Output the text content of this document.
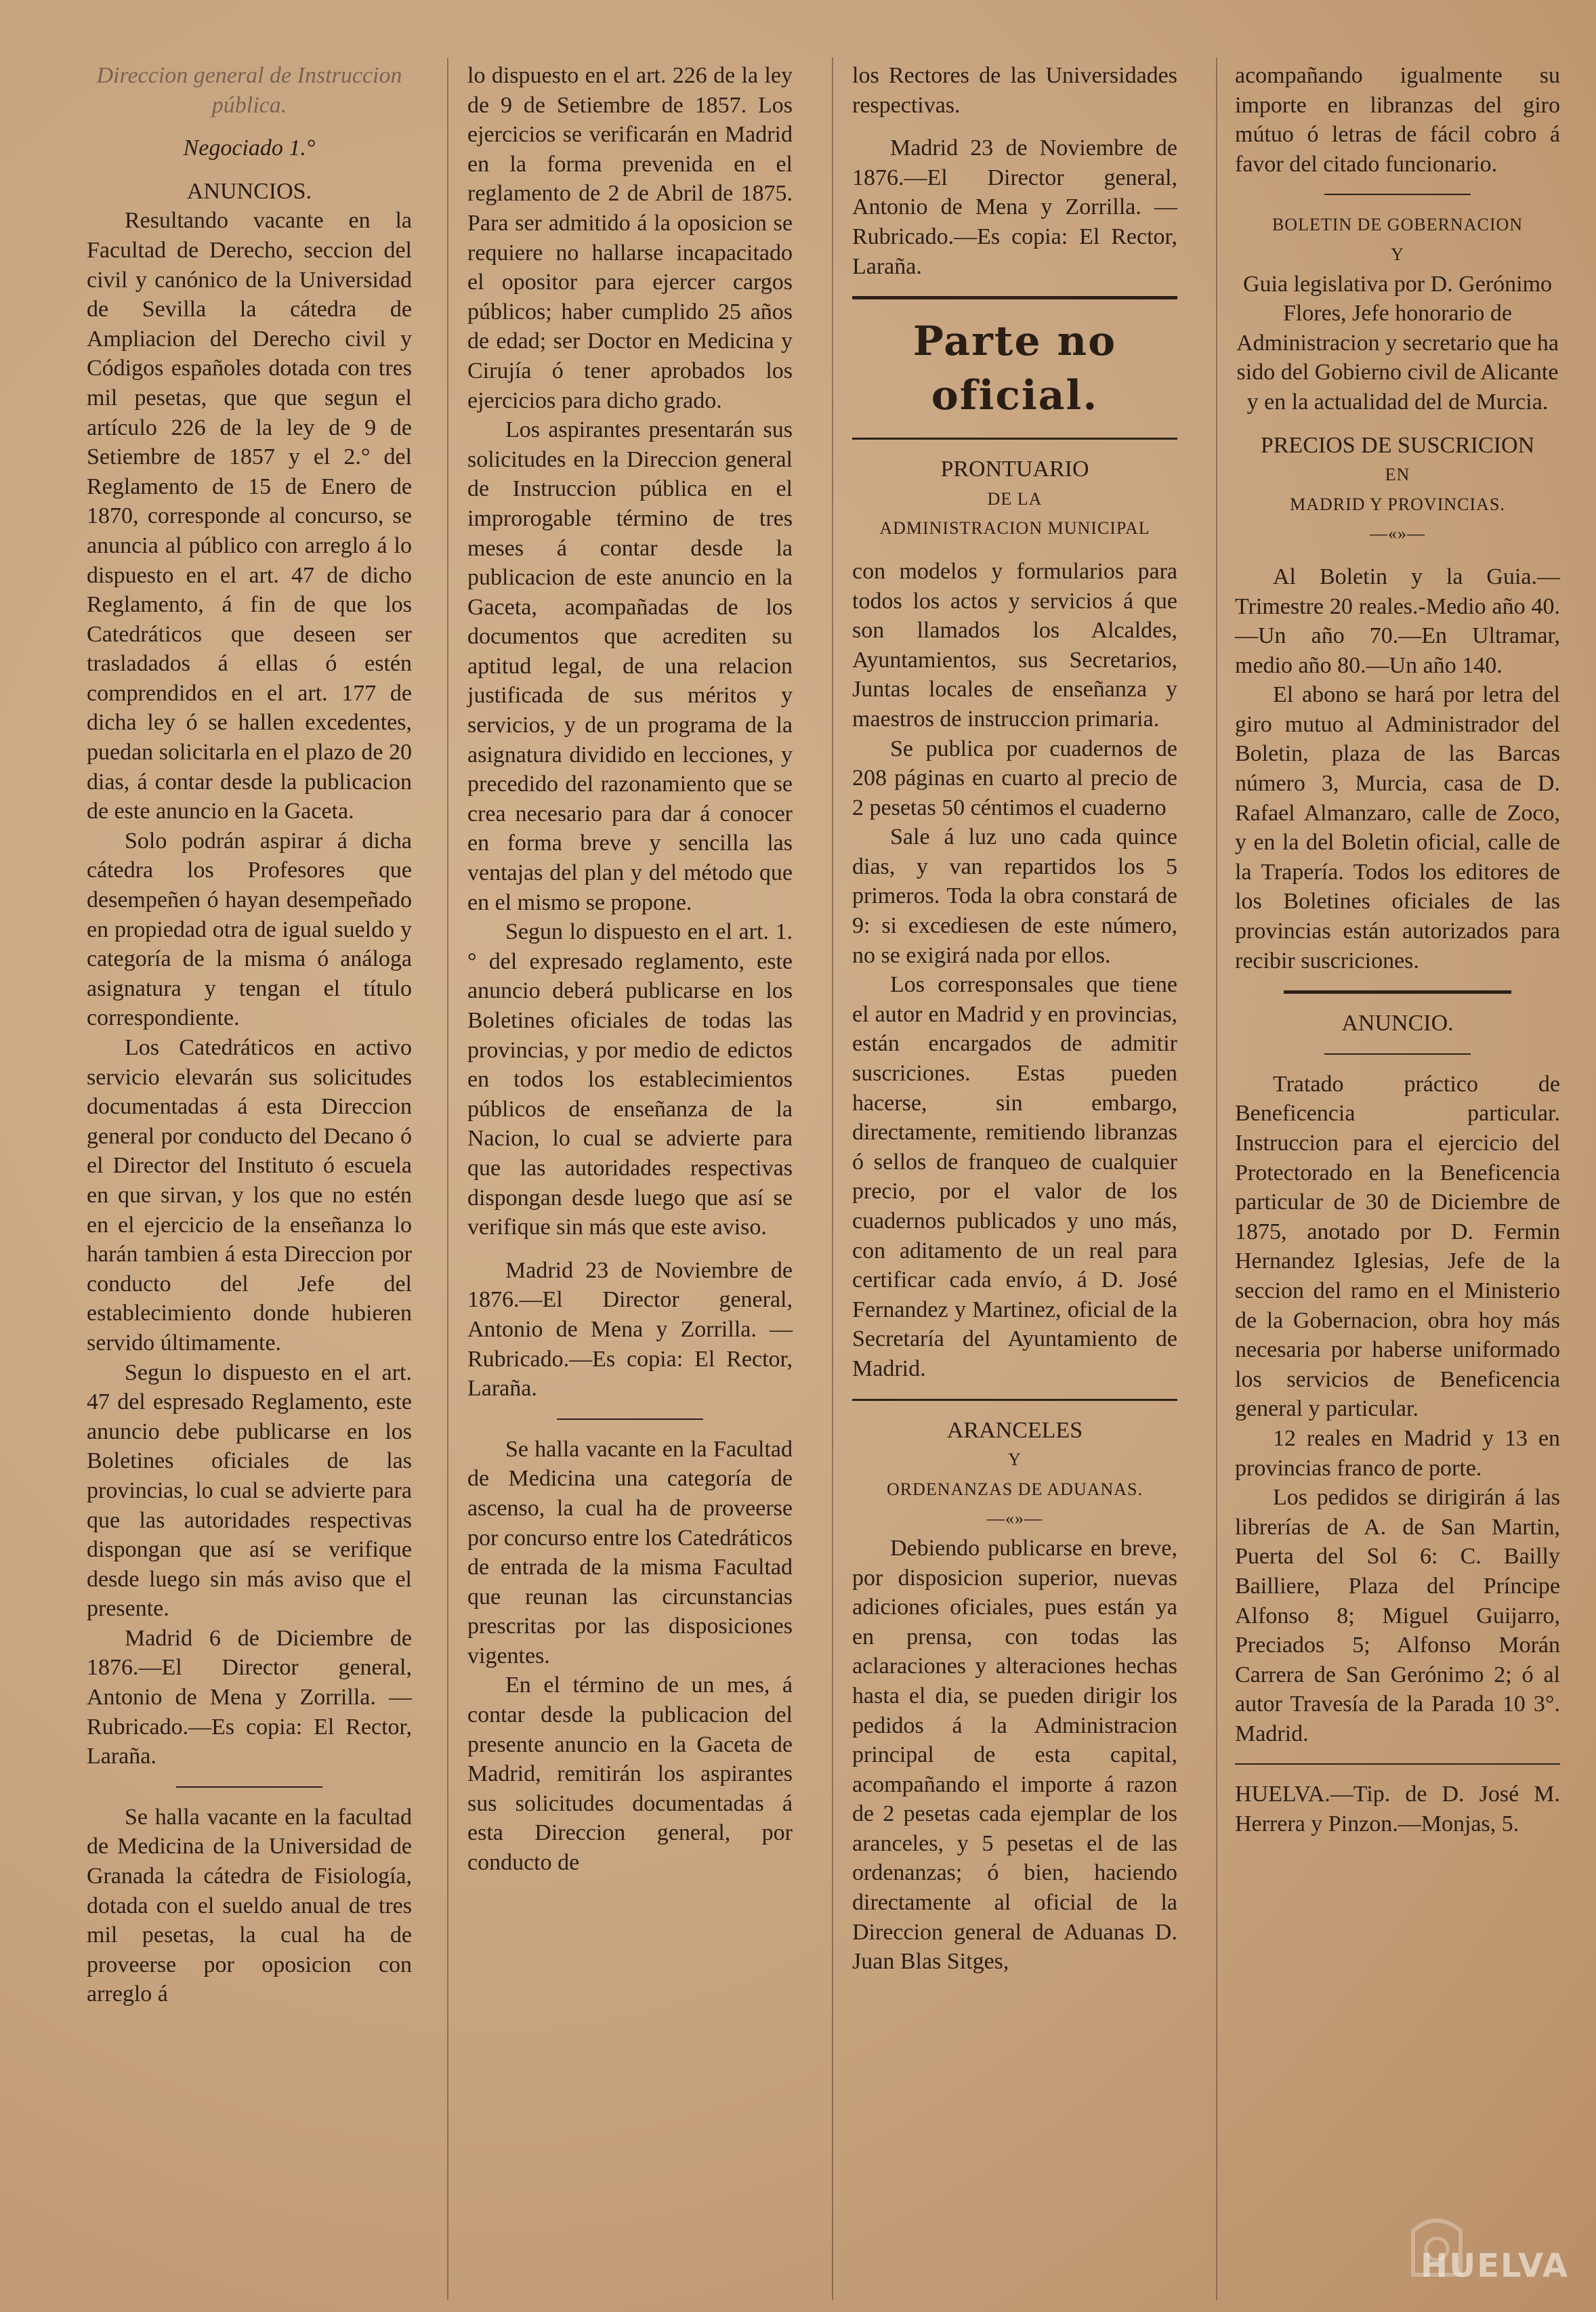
Direccion general de Instruccion

pública.

Negociado 1.°

ANUNCIOS.

Resultando vacante en la Facultad de Derecho, seccion del civil y canónico de la Universidad de Sevilla la cátedra de Ampliacion del Derecho civil y Códigos españoles dotada con tres mil pesetas, que que segun el artículo 226 de la ley de 9 de Setiembre de 1857 y el 2.° del Reglamento de 15 de Enero de 1870, corresponde al concurso, se anuncia al público con arreglo á lo dispuesto en el art. 47 de dicho Reglamento, á fin de que los Catedráticos que deseen ser trasladados á ellas ó estén comprendidos en el art. 177 de dicha ley ó se hallen excedentes, puedan solicitarla en el plazo de 20 dias, á contar desde la publicacion de este anuncio en la Gaceta.

Solo podrán aspirar á dicha cátedra los Profesores que desempeñen ó hayan desempeñado en propiedad otra de igual sueldo y categoría de la misma ó análoga asignatura y tengan el título correspondiente.

Los Catedráticos en activo servicio elevarán sus solicitudes documentadas á esta Direccion general por conducto del Decano ó el Director del Instituto ó escuela en que sirvan, y los que no estén en el ejercicio de la enseñanza lo harán tambien á esta Direccion por conducto del Jefe del establecimiento donde hubieren servido últimamente.

Segun lo dispuesto en el art. 47 del espresado Reglamento, este anuncio debe publicarse en los Boletines oficiales de las provincias, lo cual se advierte para que las autoridades respectivas dispongan que así se verifique desde luego sin más aviso que el presente.

Madrid 6 de Diciembre de 1876.—El Director general, Antonio de Mena y Zorrilla. —Rubricado.—Es copia: El Rector, Laraña.

Se halla vacante en la facultad de Medicina de la Universidad de Granada la cátedra de Fisiología, dotada con el sueldo anual de tres mil pesetas, la cual ha de proveerse por oposicion con arreglo á

lo dispuesto en el art. 226 de la ley de 9 de Setiembre de 1857. Los ejercicios se verificarán en Madrid en la forma prevenida en el reglamento de 2 de Abril de 1875. Para ser admitido á la oposicion se requiere no hallarse incapacitado el opositor para ejercer cargos públicos; haber cumplido 25 años de edad; ser Doctor en Medicina y Cirujía ó tener aprobados los ejercicios para dicho grado.

Los aspirantes presentarán sus solicitudes en la Direccion general de Instruccion pública en el improrogable término de tres meses á contar desde la publicacion de este anuncio en la Gaceta, acompañadas de los documentos que acrediten su aptitud legal, de una relacion justificada de sus méritos y servicios, y de un programa de la asignatura dividido en lecciones, y precedido del razonamiento que se crea necesario para dar á conocer en forma breve y sencilla las ventajas del plan y del método que en el mismo se propone.

Segun lo dispuesto en el art. 1.° del expresado reglamento, este anuncio deberá publicarse en los Boletines oficiales de todas las provincias, y por medio de edictos en todos los establecimientos públicos de enseñanza de la Nacion, lo cual se advierte para que las autoridades respectivas dispongan desde luego que así se verifique sin más que este aviso.

Madrid 23 de Noviembre de 1876.—El Director general, Antonio de Mena y Zorrilla. —Rubricado.—Es copia: El Rector, Laraña.

Se halla vacante en la Facultad de Medicina una categoría de ascenso, la cual ha de proveerse por concurso entre los Catedráticos de entrada de la misma Facultad que reunan las circunstancias prescritas por las disposiciones vigentes.

En el término de un mes, á contar desde la publicacion del presente anuncio en la Gaceta de Madrid, remitirán los aspirantes sus solicitudes documentadas á esta Direccion general, por conducto de

los Rectores de las Universidades respectivas.

Madrid 23 de Noviembre de 1876.—El Director general, Antonio de Mena y Zorrilla. —Rubricado.—Es copia: El Rector, Laraña.

Parte no oficial.

PRONTUARIO

DE LA

ADMINISTRACION MUNICIPAL

con modelos y formularios para todos los actos y servicios á que son llamados los Alcaldes, Ayuntamientos, sus Secretarios, Juntas locales de enseñanza y maestros de instruccion primaria.

Se publica por cuadernos de 208 páginas en cuarto al precio de 2 pesetas 50 céntimos el cuaderno

Sale á luz uno cada quince dias, y van repartidos los 5 primeros. Toda la obra constará de 9: si excediesen de este número, no se exigirá nada por ellos.

Los corresponsales que tiene el autor en Madrid y en provincias, están encargados de admitir suscriciones. Estas pueden hacerse, sin embargo, directamente, remitiendo libranzas ó sellos de franqueo de cualquier precio, por el valor de los cuadernos publicados y uno más, con aditamento de un real para certificar cada envío, á D. José Fernandez y Martinez, oficial de la Secretaría del Ayuntamiento de Madrid.

ARANCELES

Y

ORDENANZAS DE ADUANAS.

—«»—

Debiendo publicarse en breve, por disposicion superior, nuevas adiciones oficiales, pues están ya en prensa, con todas las aclaraciones y alteraciones hechas hasta el dia, se pueden dirigir los pedidos á la Administracion principal de esta capital, acompañando el importe á razon de 2 pesetas cada ejemplar de los aranceles, y 5 pesetas el de las ordenanzas; ó bien, haciendo directamente al oficial de la Direccion general de Aduanas D. Juan Blas Sitges,

acompañando igualmente su importe en libranzas del giro mútuo ó letras de fácil cobro á favor del citado funcionario.

BOLETIN DE GOBERNACION

Y

Guia legislativa por D. Gerónimo Flores, Jefe honorario de Administracion y secretario que ha sido del Gobierno civil de Alicante y en la actualidad del de Murcia.

PRECIOS DE SUSCRICION

EN

MADRID Y PROVINCIAS.

—«»—

Al Boletin y la Guia.—Trimestre 20 reales.-Medio año 40.—Un año 70.—En Ultramar, medio año 80.—Un año 140.

El abono se hará por letra del giro mutuo al Administrador del Boletin, plaza de las Barcas número 3, Murcia, casa de D. Rafael Almanzaro, calle de Zoco, y en la del Boletin oficial, calle de la Trapería. Todos los editores de los Boletines oficiales de las provincias están autorizados para recibir suscriciones.

ANUNCIO.

Tratado práctico de Beneficencia particular. Instruccion para el ejercicio del Protectorado en la Beneficencia particular de 30 de Diciembre de 1875, anotado por D. Fermin Hernandez Iglesias, Jefe de la seccion del ramo en el Ministerio de la Gobernacion, obra hoy más necesaria por haberse uniformado los servicios de Beneficencia general y particular.

12 reales en Madrid y 13 en provincias franco de porte.

Los pedidos se dirigirán á las librerías de A. de San Martin, Puerta del Sol 6: C. Bailly Bailliere, Plaza del Príncipe Alfonso 8; Miguel Guijarro, Preciados 5; Alfonso Morán Carrera de San Gerónimo 2; ó al autor Travesía de la Parada 10 3°. Madrid.

HUELVA.—Tip. de D. José M. Herrera y Pinzon.—Monjas, 5.

HUELVA
